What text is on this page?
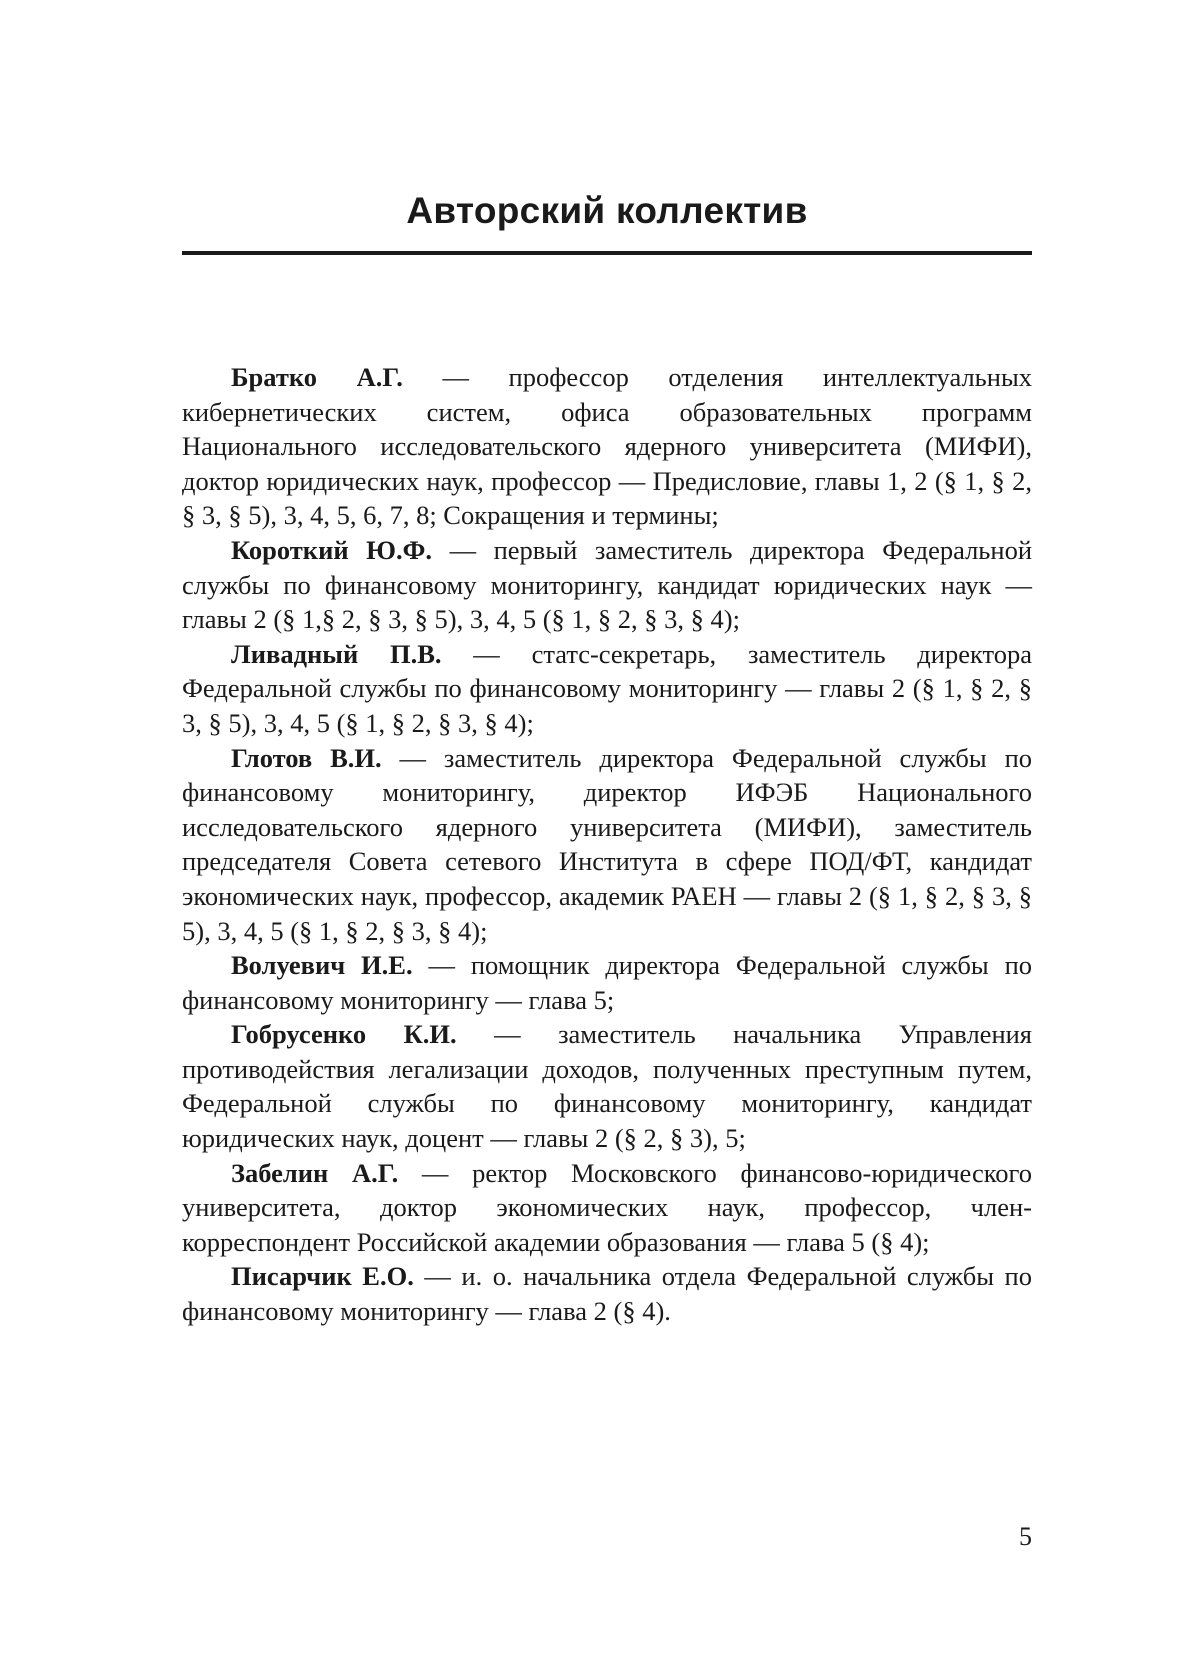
Авторский коллектив

Братко А.Г. — профессор отделения интеллектуальных кибернетических систем, офиса образовательных программ Национального исследовательского ядерного университета (МИФИ), доктор юридических наук, профессор — Предисловие, главы 1, 2 (§ 1, § 2, § 3, § 5), 3, 4, 5, 6, 7, 8; Сокращения и термины;

Короткий Ю.Ф. — первый заместитель директора Федеральной службы по финансовому мониторингу, кандидат юридических наук — главы 2 (§ 1,§ 2, § 3, § 5), 3, 4, 5 (§ 1, § 2, § 3, § 4);

Ливадный П.В. — статс-секретарь, заместитель директора Федеральной службы по финансовому мониторингу — главы 2 (§ 1, § 2, § 3, § 5), 3, 4, 5 (§ 1, § 2, § 3, § 4);

Глотов В.И. — заместитель директора Федеральной службы по финансовому мониторингу, директор ИФЭБ Национального исследовательского ядерного университета (МИФИ), заместитель председателя Совета сетевого Института в сфере ПОД/ФТ, кандидат экономических наук, профессор, академик РАЕН — главы 2 (§ 1, § 2, § 3, § 5), 3, 4, 5 (§ 1, § 2, § 3, § 4);

Волуевич И.Е. — помощник директора Федеральной службы по финансовому мониторингу — глава 5;

Гобрусенко К.И. — заместитель начальника Управления противодействия легализации доходов, полученных преступным путем, Федеральной службы по финансовому мониторингу, кандидат юридических наук, доцент — главы 2 (§ 2, § 3), 5;

Забелин А.Г. — ректор Московского финансово-юридического университета, доктор экономических наук, профессор, член-корреспондент Российской академии образования — глава 5 (§ 4);

Писарчик Е.О. — и. о. начальника отдела Федеральной службы по финансовому мониторингу — глава 2 (§ 4).

5
